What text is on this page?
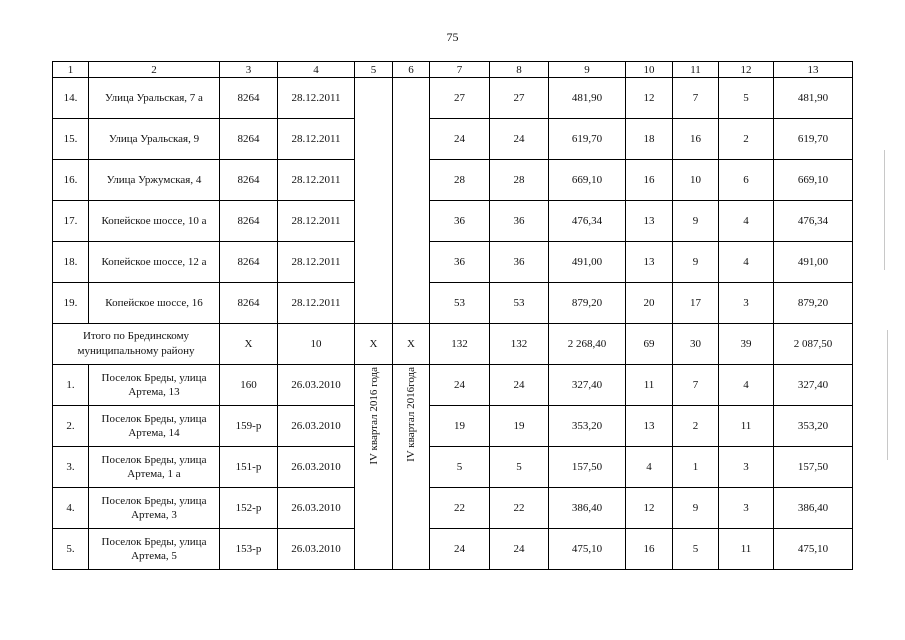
75
1	2	3	4	5	6	7	8	9	10	11	12	13
14.	Улица Уральская, 7 а	8264	28.12.2011			27	27	481,90	12	7	5	481,90
15.	Улица Уральская, 9	8264	28.12.2011			24	24	619,70	18	16	2	619,70
16.	Улица Уржумская, 4	8264	28.12.2011			28	28	669,10	16	10	6	669,10
17.	Копейское шоссе, 10 а	8264	28.12.2011			36	36	476,34	13	9	4	476,34
18.	Копейское шоссе, 12 а	8264	28.12.2011			36	36	491,00	13	9	4	491,00
19.	Копейское шоссе, 16	8264	28.12.2011			53	53	879,20	20	17	3	879,20
Итого по Брединскому муниципальному району		X	10	X	X	132	132	2 268,40	69	30	39	2 087,50
1.	Поселок Бреды, улица Артема, 13	160	26.03.2010	IV квартал 2016 года	IV квартал 2016года	24	24	327,40	11	7	4	327,40
2.	Поселок Бреды, улица Артема, 14	159-р	26.03.2010			19	19	353,20	13	2	11	353,20
3.	Поселок Бреды, улица Артема, 1 а	151-р	26.03.2010			5	5	157,50	4	1	3	157,50
4.	Поселок Бреды, улица Артема, 3	152-р	26.03.2010			22	22	386,40	12	9	3	386,40
5.	Поселок Бреды, улица Артема, 5	153-р	26.03.2010			24	24	475,10	16	5	11	475,10
